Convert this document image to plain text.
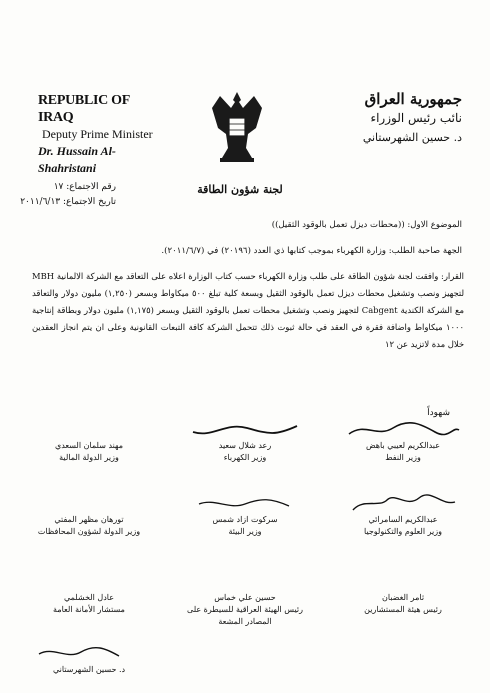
REPUBLIC OF IRAQ
Deputy Prime Minister
Dr. Hussain Al-Shahristani
جمهورية العراق
نائب رئيس الوزراء
د. حسين الشهرستاني
رقم الاجتماع: ١٧
تاريخ الاجتماع: ٢٠١١/٦/١٣
لجنة شؤون الطاقة
الموضوع الاول: ((محطات ديزل تعمل بالوقود الثقيل))
الجهة صاحبة الطلب: وزارة الكهرباء بموجب كتابها ذي العدد (٢٠١٩٦) في (٢٠١١/٦/٧).
القرار: وافقت لجنة شؤون الطاقة على طلب وزارة الكهرباء حسب كتاب الوزارة اعلاه على التعاقد مع الشركة الالمانية MBH لتجهيز ونصب وتشغيل محطات ديزل تعمل بالوقود الثقيل وبسعة كلية تبلغ ٥٠٠ ميكاواط وبسعر (١,٢٥٠) مليون دولار والتعاقد مع الشركة الكندية Cabgent لتجهيز ونصب وتشغيل محطات تعمل بالوقود الثقيل وبسعر (١,١٧٥) مليون دولار وبطاقة إنتاجية ١٠٠٠ ميكاواط واضافة فقرة في العقد في حالة ثبوت ذلك تتحمل الشركة كافة التبعات القانونية وعلى ان يتم انجاز العقدين خلال مدة لاتزيد عن ١٢
شهوداً
عبدالكريم لعيبي باهض
وزير النفط
رعد شلال سعيد
وزير الكهرباء
مهند سلمان السعدي
وزير الدولة المالية
عبدالكريم السامرائي
وزير العلوم والتكنولوجيا
سركوت ازاد شمس
وزير البيئة
تورهان مظهر المفتي
وزير الدولة لشؤون المحافظات
ثامر الغضبان
رئيس هيئة المستشارين
حسين علي خماس
رئيس الهيئة العراقية للسيطرة على المصادر المشعة
عادل الخشلمي
مستشار الأمانة العامة
د. حسين الشهرستاني
